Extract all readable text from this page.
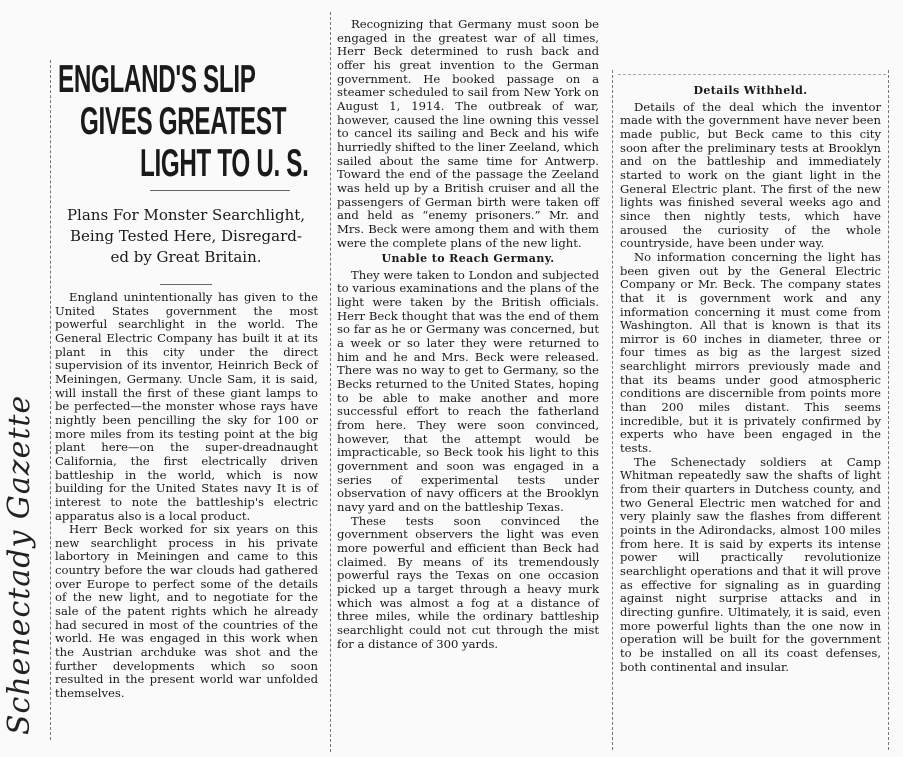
ENGLAND'S SLIP
GIVES GREATEST
LIGHT TO U. S.
Plans For Monster Searchlight,
Being Tested Here, Disregard-
ed by Great Britain.
Schenectady Gazette

England unintentionally has given to the United States government the most powerful searchlight in the world. The General Electric Company has built it at its plant in this city under the direct supervision of its inventor, Heinrich Beck of Meiningen, Germany. Uncle Sam, it is said, will install the first of these giant lamps to be perfected—the monster whose rays have nightly been pencilling the sky for 100 or more miles from its testing point at the big plant here—on the super-dreadnaught California, the first electrically driven battleship in the world, which is now building for the United States navy It is of interest to note the battleship's electric apparatus also is a local product.

Herr Beck worked for six years on this new searchlight process in his private labortory in Meiningen and came to this country before the war clouds had gathered over Europe to perfect some of the details of the new light, and to negotiate for the sale of the patent rights which he already had secured in most of the countries of the world. He was engaged in this work when the Austrian archduke was shot and the further developments which so soon resulted in the present world war unfolded themselves.

Recognizing that Germany must soon be engaged in the greatest war of all times, Herr Beck determined to rush back and offer his great invention to the German government. He booked passage on a steamer scheduled to sail from New York on August 1, 1914. The outbreak of war, however, caused the line owning this vessel to cancel its sailing and Beck and his wife hurriedly shifted to the liner Zeeland, which sailed about the same time for Antwerp. Toward the end of the passage the Zeeland was held up by a British cruiser and all the passengers of German birth were taken off and held as “enemy prisoners.” Mr. and Mrs. Beck were among them and with them were the complete plans of the new light.

Unable to Reach Germany.

They were taken to London and subjected to various examinations and the plans of the light were taken by the British officials. Herr Beck thought that was the end of them so far as he or Germany was concerned, but a week or so later they were returned to him and he and Mrs. Beck were released. There was no way to get to Germany, so the Becks returned to the United States, hoping to be able to make another and more successful effort to reach the fatherland from here. They were soon convinced, however, that the attempt would be impracticable, so Beck took his light to this government and soon was engaged in a series of experimental tests under observation of navy officers at the Brooklyn navy yard and on the battleship Texas.

These tests soon convinced the government observers the light was even more powerful and efficient than Beck had claimed. By means of its tremendously powerful rays the Texas on one occasion picked up a target through a heavy murk which was almost a fog at a distance of three miles, while the ordinary battleship searchlight could not cut through the mist for a distance of 300 yards.

Details Withheld.

Details of the deal which the inventor made with the government have never been made public, but Beck came to this city soon after the preliminary tests at Brooklyn and on the battleship and immediately started to work on the giant light in the General Electric plant. The first of the new lights was finished several weeks ago and since then nightly tests, which have aroused the curiosity of the whole countryside, have been under way.

No information concerning the light has been given out by the General Electric Company or Mr. Beck. The company states that it is government work and any information concerning it must come from Washington. All that is known is that its mirror is 60 inches in diameter, three or four times as big as the largest sized searchlight mirrors previously made and that its beams under good atmospheric conditions are discernible from points more than 200 miles distant. This seems incredible, but it is privately confirmed by experts who have been engaged in the tests.

The Schenectady soldiers at Camp Whitman repeatedly saw the shafts of light from their quarters in Dutchess county, and two General Electric men watched for and very plainly saw the flashes from different points in the Adirondacks, almost 100 miles from here. It is said by experts its intense power will practically revolutionize searchlight operations and that it will prove as effective for signaling as in guarding against night surprise attacks and in directing gunfire. Ultimately, it is said, even more powerful lights than the one now in operation will be built for the government to be installed on all its coast defenses, both continental and insular.
